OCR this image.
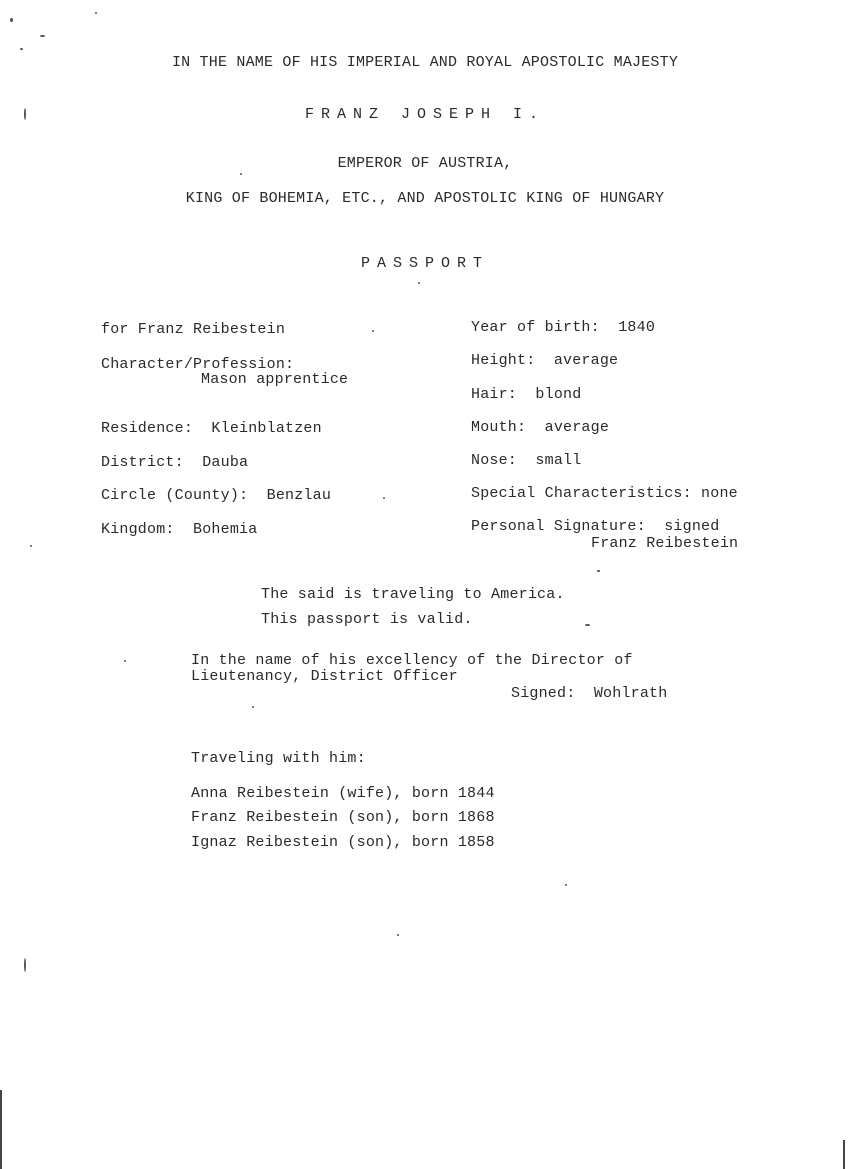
IN THE NAME OF HIS IMPERIAL AND ROYAL APOSTOLIC MAJESTY
FRANZ JOSEPH I.
EMPEROR OF AUSTRIA,
KING OF BOHEMIA, ETC., AND APOSTOLIC KING OF HUNGARY
PASSPORT
for Franz Reibestein
Character/Profession:
Mason apprentice
Residence:  Kleinblatzen
District:  Dauba
Circle (County):  Benzlau
Kingdom:  Bohemia
Year of birth:  1840
Height:  average
Hair:  blond
Mouth:  average
Nose:  small
Special Characteristics: none
Personal Signature:  signed
Franz Reibestein
The said is traveling to America.
This passport is valid.
In the name of his excellency of the Director of
Lieutenancy, District Officer
Signed:  Wohlrath
Traveling with him:
Anna Reibestein (wife), born 1844
Franz Reibestein (son), born 1868
Ignaz Reibestein (son), born 1858
